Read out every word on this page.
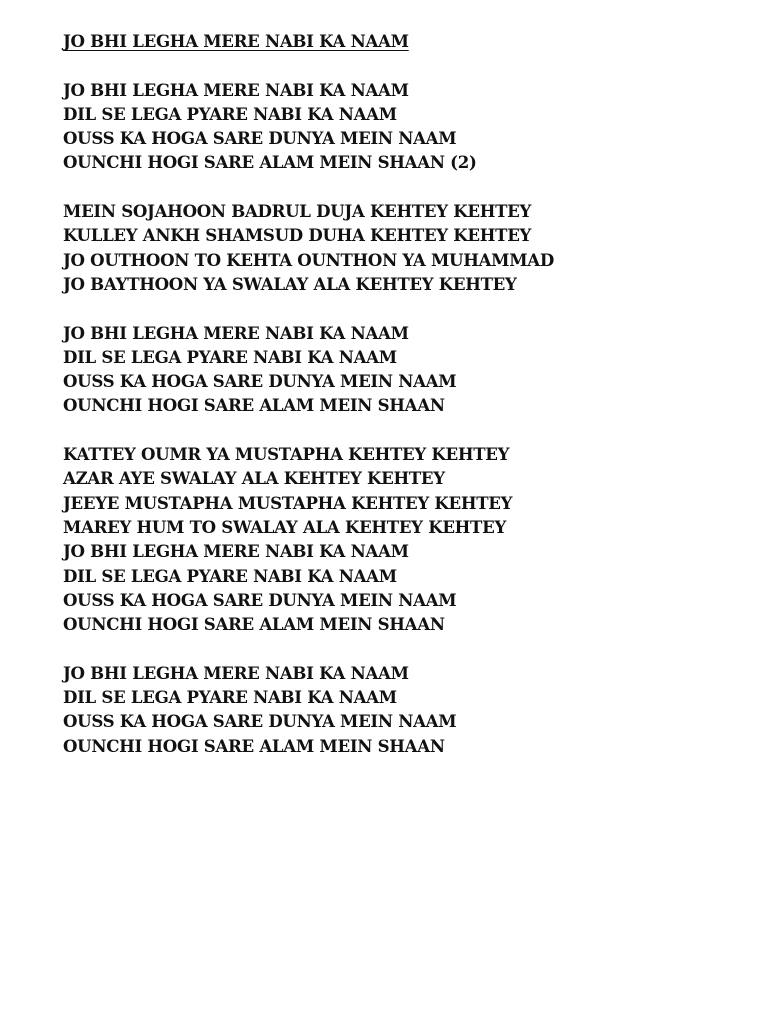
JO BHI LEGHA MERE NABI KA NAAM
JO BHI LEGHA MERE NABI KA NAAM
DIL SE LEGA PYARE NABI KA NAAM
OUSS KA HOGA SARE DUNYA MEIN NAAM
OUNCHI HOGI SARE ALAM MEIN SHAAN (2)
MEIN SOJAHOON BADRUL DUJA KEHTEY KEHTEY
KULLEY ANKH SHAMSUD DUHA KEHTEY KEHTEY
JO OUTHOON TO KEHTA OUNTHON YA MUHAMMAD
JO BAYTHOON YA SWALAY ALA KEHTEY KEHTEY
JO BHI LEGHA MERE NABI KA NAAM
DIL SE LEGA PYARE NABI KA NAAM
OUSS KA HOGA SARE DUNYA MEIN NAAM
OUNCHI HOGI SARE ALAM MEIN SHAAN
KATTEY OUMR YA MUSTAPHA KEHTEY KEHTEY
AZAR AYE SWALAY ALA KEHTEY KEHTEY
JEEYE MUSTAPHA MUSTAPHA KEHTEY KEHTEY
MAREY HUM TO SWALAY ALA KEHTEY KEHTEY
JO BHI LEGHA MERE NABI KA NAAM
DIL SE LEGA PYARE NABI KA NAAM
OUSS KA HOGA SARE DUNYA MEIN NAAM
OUNCHI HOGI SARE ALAM MEIN SHAAN
JO BHI LEGHA MERE NABI KA NAAM
DIL SE LEGA PYARE NABI KA NAAM
OUSS KA HOGA SARE DUNYA MEIN NAAM
OUNCHI HOGI SARE ALAM MEIN SHAAN
